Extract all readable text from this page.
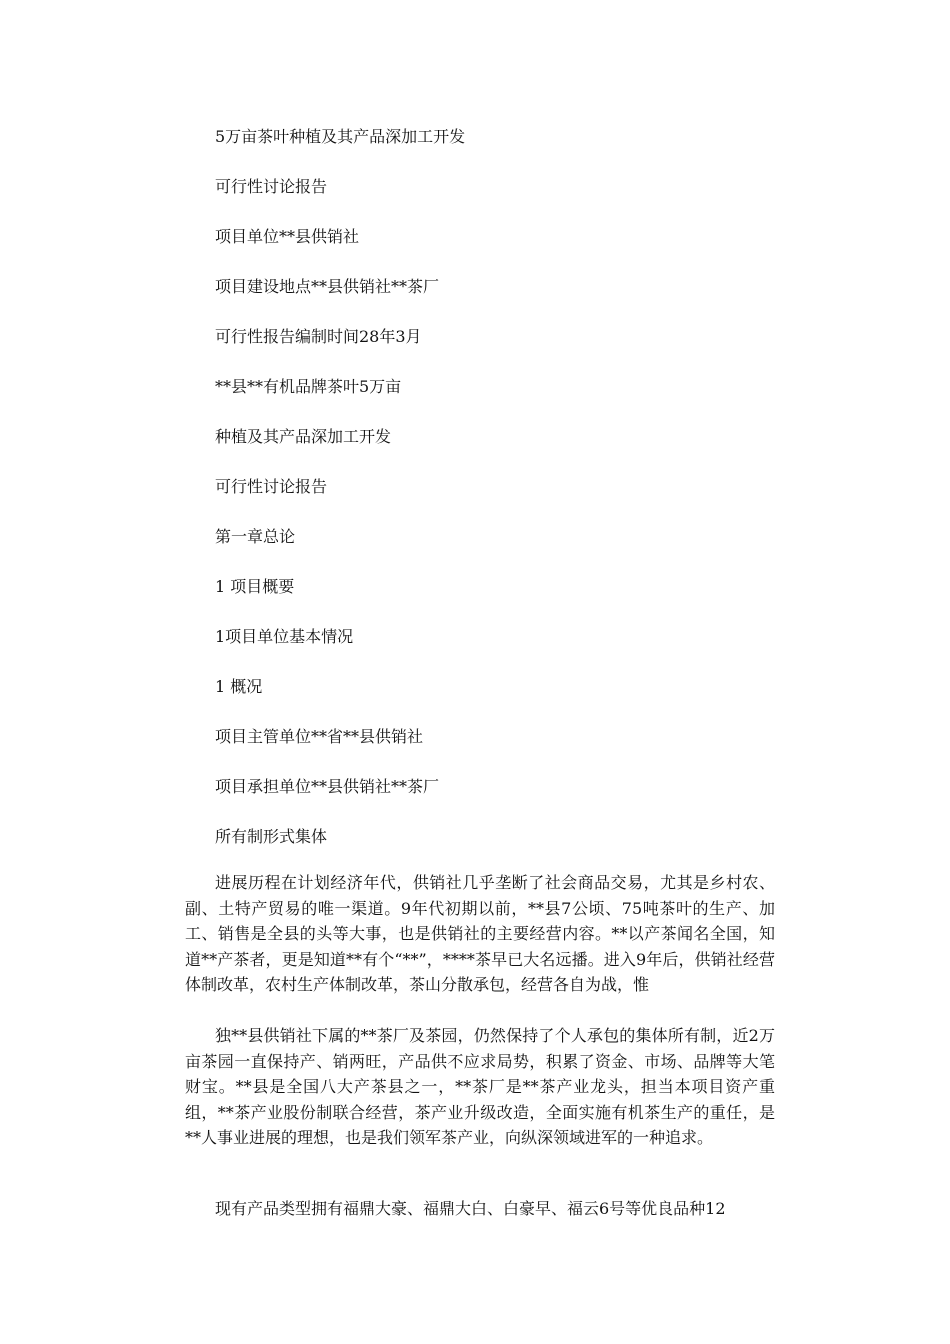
5万亩茶叶种植及其产品深加工开发

可行性讨论报告

项目单位**县供销社

项目建设地点**县供销社**茶厂

可行性报告编制时间28年3月

**县**有机品牌茶叶5万亩

种植及其产品深加工开发

可行性讨论报告

第一章总论

1 项目概要

1项目单位基本情况

1 概况

项目主管单位**省**县供销社

项目承担单位**县供销社**茶厂

所有制形式集体

进展历程在计划经济年代，供销社几乎垄断了社会商品交易，尤其是乡村农、副、土特产贸易的唯一渠道。9年代初期以前，**县7公顷、75吨茶叶的生产、加工、销售是全县的头等大事，也是供销社的主要经营内容。**以产茶闻名全国，知道**产茶者，更是知道**有个“**”，****茶早已大名远播。进入9年后，供销社经营体制改革，农村生产体制改革，茶山分散承包，经营各自为战，惟

独**县供销社下属的**茶厂及茶园，仍然保持了个人承包的集体所有制，近2万亩茶园一直保持产、销两旺，产品供不应求局势，积累了资金、市场、品牌等大笔财宝。**县是全国八大产茶县之一，**茶厂是**茶产业龙头，担当本项目资产重组，**茶产业股份制联合经营，茶产业升级改造，全面实施有机茶生产的重任，是**人事业进展的理想，也是我们领军茶产业，向纵深领域进军的一种追求。

现有产品类型拥有福鼎大豪、福鼎大白、白豪早、福云6号等优良品种12
